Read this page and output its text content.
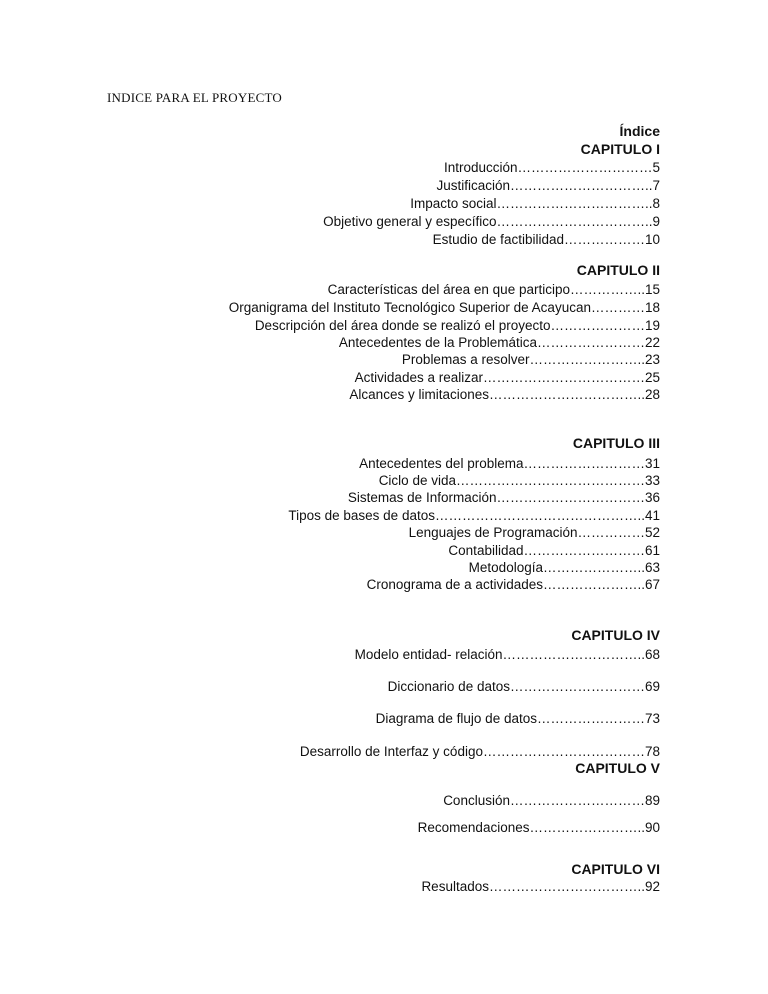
INDICE PARA EL PROYECTO
Índice
CAPITULO I
Introducción…………………………5
Justificación…………………………..7
Impacto social……………………………..8
Objetivo general y específico……………………………..9
Estudio de factibilidad………………10
CAPITULO II
Características del área en que participo……………..15
Organigrama del Instituto Tecnológico Superior de Acayucan…………18
Descripción del área donde se realizó el proyecto…………………19
Antecedentes de la Problemática……………………22
Problemas a resolver……………………..23
Actividades a realizar………………………………25
Alcances y limitaciones……………………………..28
CAPITULO III
Antecedentes del problema………………………31
Ciclo de vida……………………………………33
Sistemas de Información……………………………36
Tipos de bases de datos………………………………………..41
Lenguajes de Programación……………52
Contabilidad………………………61
Metodología…………………..63
Cronograma de a actividades…………………..67
CAPITULO IV
Modelo entidad- relación…………………………..68
Diccionario de datos…………………………69
Diagrama de flujo de datos……………………73
Desarrollo de Interfaz y código………………………………78
CAPITULO V
Conclusión…………………………89
Recomendaciones……………………..90
CAPITULO VI
Resultados……………………………..92
